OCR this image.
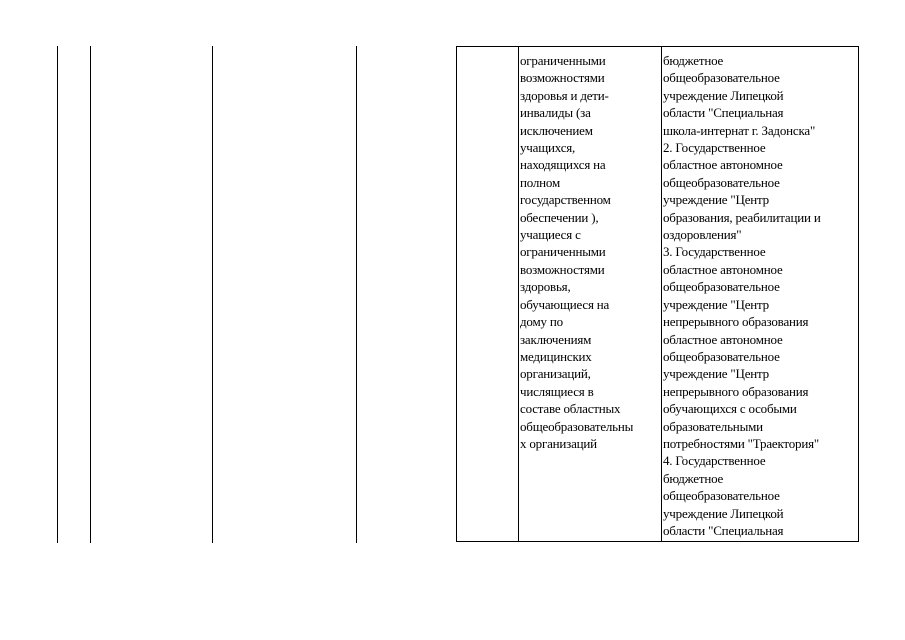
ограниченными
возможностями
здоровья и дети-
инвалиды (за
исключением
учащихся,
находящихся на
полном
государственном
обеспечении ),
учащиеся с
ограниченными
возможностями
здоровья,
обучающиеся на
дому по
заключениям
медицинских
организаций,
числящиеся в
составе областных
общеобразовательны
х организаций
бюджетное
общеобразовательное
учреждение Липецкой
области "Специальная
школа-интернат г. Задонска"
2. Государственное
областное автономное
общеобразовательное
учреждение "Центр
образования, реабилитации и
оздоровления"
3. Государственное
областное автономное
общеобразовательное
учреждение "Центр
непрерывного образования
областное автономное
общеобразовательное
учреждение "Центр
непрерывного образования
обучающихся с особыми
образовательными
потребностями "Траектория"
4. Государственное
бюджетное
общеобразовательное
учреждение Липецкой
области "Специальная
